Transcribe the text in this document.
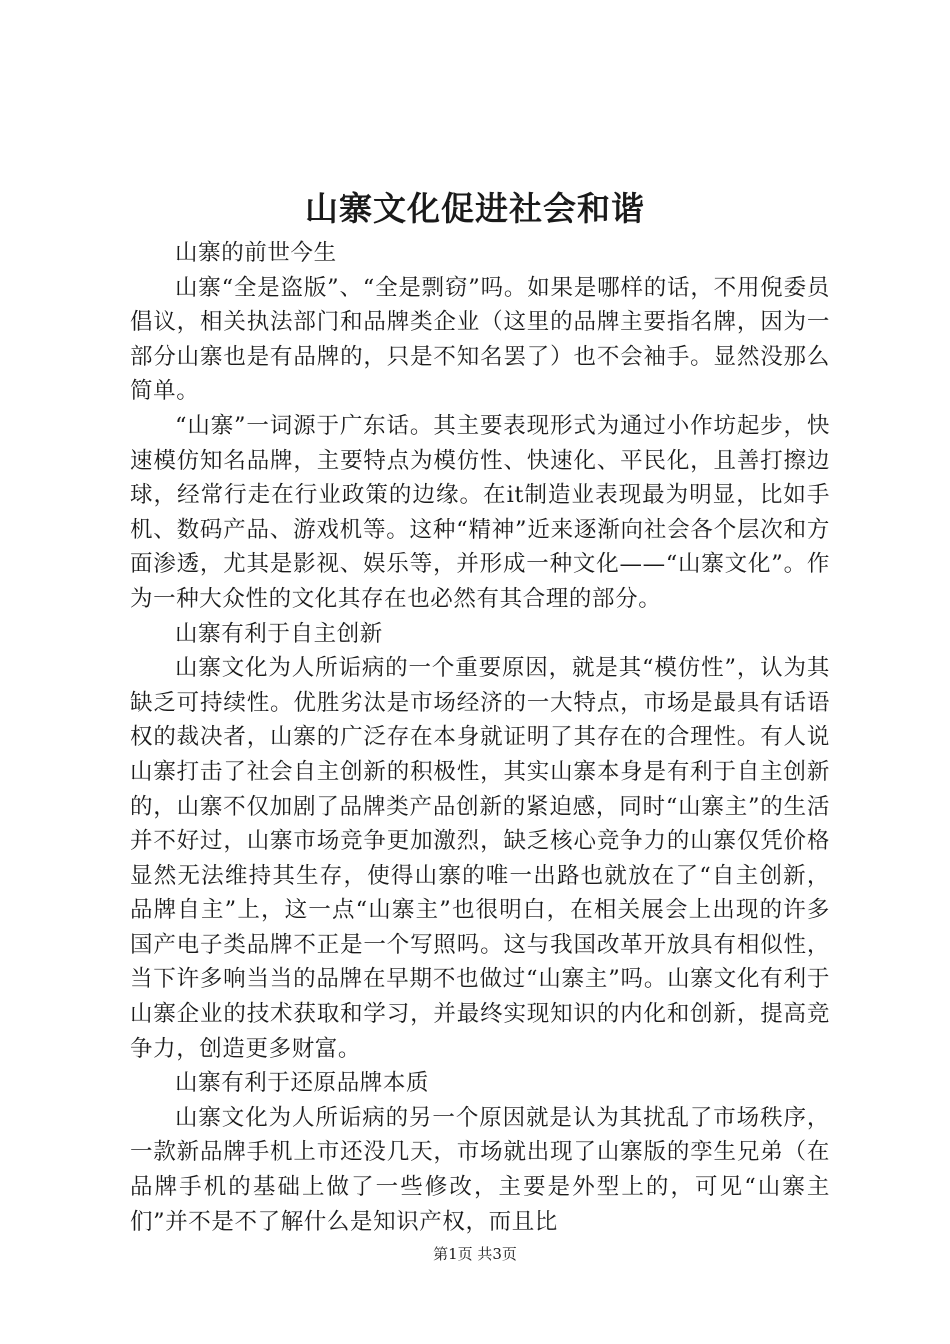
山寨文化促进社会和谐

山寨的前世今生

山寨“全是盗版”、“全是剽窃”吗。如果是哪样的话，不用倪委员倡议，相关执法部门和品牌类企业（这里的品牌主要指名牌，因为一部分山寨也是有品牌的，只是不知名罢了）也不会袖手。显然没那么简单。

“山寨”一词源于广东话。其主要表现形式为通过小作坊起步，快速模仿知名品牌，主要特点为模仿性、快速化、平民化，且善打擦边球，经常行走在行业政策的边缘。在it制造业表现最为明显，比如手机、数码产品、游戏机等。这种“精神”近来逐渐向社会各个层次和方面渗透，尤其是影视、娱乐等，并形成一种文化——“山寨文化”。作为一种大众性的文化其存在也必然有其合理的部分。

山寨有利于自主创新

山寨文化为人所诟病的一个重要原因，就是其“模仿性”，认为其缺乏可持续性。优胜劣汰是市场经济的一大特点，市场是最具有话语权的裁决者，山寨的广泛存在本身就证明了其存在的合理性。有人说山寨打击了社会自主创新的积极性，其实山寨本身是有利于自主创新的，山寨不仅加剧了品牌类产品创新的紧迫感，同时“山寨主”的生活并不好过，山寨市场竞争更加激烈，缺乏核心竞争力的山寨仅凭价格显然无法维持其生存，使得山寨的唯一出路也就放在了“自主创新，品牌自主”上，这一点“山寨主”也很明白，在相关展会上出现的许多国产电子类品牌不正是一个写照吗。这与我国改革开放具有相似性，当下许多响当当的品牌在早期不也做过“山寨主”吗。山寨文化有利于山寨企业的技术获取和学习，并最终实现知识的内化和创新，提高竞争力，创造更多财富。

山寨有利于还原品牌本质

山寨文化为人所诟病的另一个原因就是认为其扰乱了市场秩序，一款新品牌手机上市还没几天，市场就出现了山寨版的孪生兄弟（在品牌手机的基础上做了一些修改，主要是外型上的，可见“山寨主们”并不是不了解什么是知识产权，而且比

第1页 共3页
